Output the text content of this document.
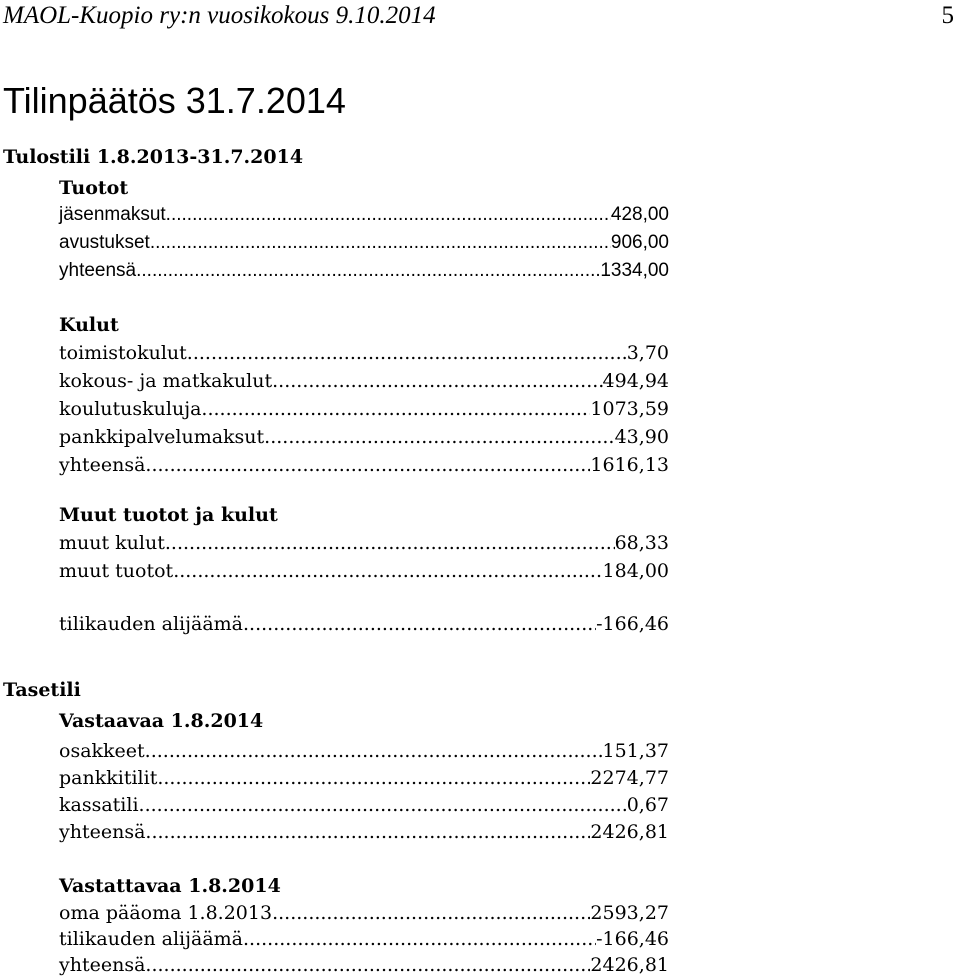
MAOL-Kuopio ry:n vuosikokous 9.10.2014	5
Tilinpäätös 31.7.2014
Tulostili 1.8.2013-31.7.2014
Tuotot
jäsenmaksut .....	428,00
avustukset .....	906,00
yhteensä .....	1334,00
Kulut
toimistokulut .....	3,70
kokous- ja matkakulut .....	494,94
koulutuskuluja .....	1073,59
pankkipalvelumaksut .....	43,90
yhteensä .....	1616,13
Muut tuotot ja kulut
muut kulut .....	68,33
muut tuotot .....	184,00
tilikauden alijäämä .....	-166,46
Tasetili
Vastaavaa 1.8.2014
osakkeet .....	151,37
pankkitilit .....	2274,77
kassatili .....	0,67
yhteensä .....	2426,81
Vastattavaa 1.8.2014
oma pääoma 1.8.2013 .....	2593,27
tilikauden alijäämä .....	-166,46
yhteensä .....	2426,81
